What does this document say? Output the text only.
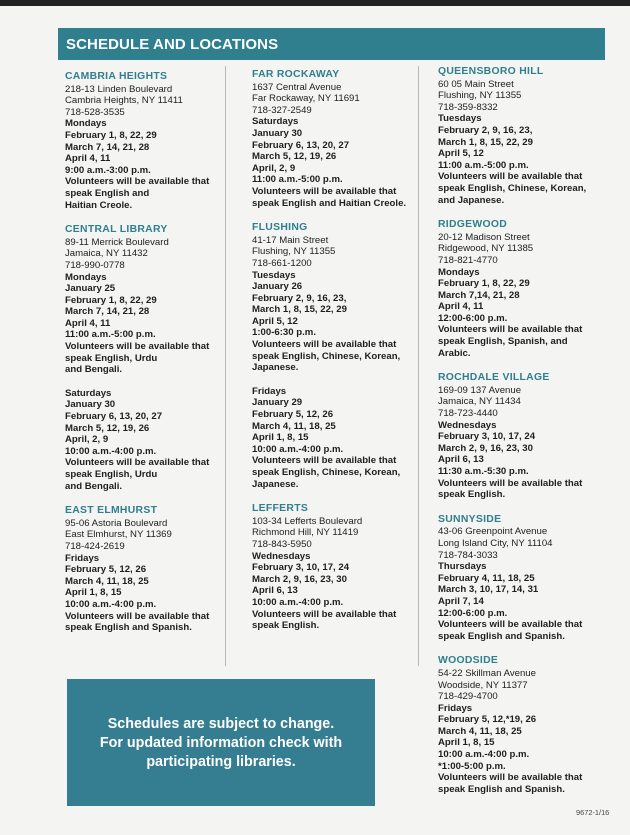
SCHEDULE AND LOCATIONS
CAMBRIA HEIGHTS
218-13 Linden Boulevard
Cambria Heights, NY 11411
718-528-3535
Mondays
February 1, 8, 22, 29
March 7, 14, 21, 28
April 4, 11
9:00 a.m.-3:00 p.m.
Volunteers will be available that
speak English and
Haitian Creole.
CENTRAL LIBRARY
89-11 Merrick Boulevard
Jamaica, NY 11432
718-990-0778
Mondays
January 25
February 1, 8, 22, 29
March 7, 14, 21, 28
April 4, 11
11:00 a.m.-5:00 p.m.
Volunteers will be available that
speak English, Urdu
and Bengali.
Saturdays
January 30
February 6, 13, 20, 27
March 5, 12, 19, 26
April, 2, 9
10:00 a.m.-4:00 p.m.
Volunteers will be available that
speak English, Urdu
and Bengali.
EAST ELMHURST
95-06 Astoria Boulevard
East Elmhurst, NY 11369
718-424-2619
Fridays
February 5, 12, 26
March 4, 11, 18, 25
April 1, 8, 15
10:00 a.m.-4:00 p.m.
Volunteers will be available that
speak English and Spanish.
FAR ROCKAWAY
1637 Central Avenue
Far Rockaway, NY 11691
718-327-2549
Saturdays
January 30
February 6, 13, 20, 27
March 5, 12, 19, 26
April, 2, 9
11:00 a.m.-5:00 p.m.
Volunteers will be available that
speak English and Haitian Creole.
FLUSHING
41-17 Main Street
Flushing, NY 11355
718-661-1200
Tuesdays
January 26
February 2, 9, 16, 23,
March 1, 8, 15, 22, 29
April 5, 12
1:00-6:30 p.m.
Volunteers will be available that
speak English, Chinese, Korean,
Japanese.
Fridays
January 29
February 5, 12, 26
March 4, 11, 18, 25
April 1, 8, 15
10:00 a.m.-4:00 p.m.
Volunteers will be available that
speak English, Chinese, Korean,
Japanese.
LEFFERTS
103-34 Lefferts Boulevard
Richmond Hill, NY 11419
718-843-5950
Wednesdays
February 3, 10, 17, 24
March 2, 9, 16, 23, 30
April 6, 13
10:00 a.m.-4:00 p.m.
Volunteers will be available that
speak English.
QUEENSBORO HILL
60 05 Main Street
Flushing, NY 11355
718-359-8332
Tuesdays
February 2, 9, 16, 23,
March 1, 8, 15, 22, 29
April 5, 12
11:00 a.m.-5:00 p.m.
Volunteers will be available that
speak English, Chinese, Korean,
and Japanese.
RIDGEWOOD
20-12 Madison Street
Ridgewood, NY 11385
718-821-4770
Mondays
February 1, 8, 22, 29
March 7,14, 21, 28
April 4, 11
12:00-6:00 p.m.
Volunteers will be available that
speak English, Spanish, and
Arabic.
ROCHDALE VILLAGE
169-09 137 Avenue
Jamaica, NY 11434
718-723-4440
Wednesdays
February 3, 10, 17, 24
March 2, 9, 16, 23, 30
April 6, 13
11:30 a.m.-5:30 p.m.
Volunteers will be available that
speak English.
SUNNYSIDE
43-06 Greenpoint Avenue
Long Island City, NY 11104
718-784-3033
Thursdays
February 4, 11, 18, 25
March 3, 10, 17, 14, 31
April 7, 14
12:00-6:00 p.m.
Volunteers will be available that
speak English and Spanish.
WOODSIDE
54-22 Skillman Avenue
Woodside, NY 11377
718-429-4700
Fridays
February 5, 12,*19, 26
March 4, 11, 18, 25
April 1, 8, 15
10:00 a.m.-4:00 p.m.
*1:00-5:00 p.m.
Volunteers will be available that
speak English and Spanish.
Schedules are subject to change.
For updated information check with
participating libraries.
9672-1/16
